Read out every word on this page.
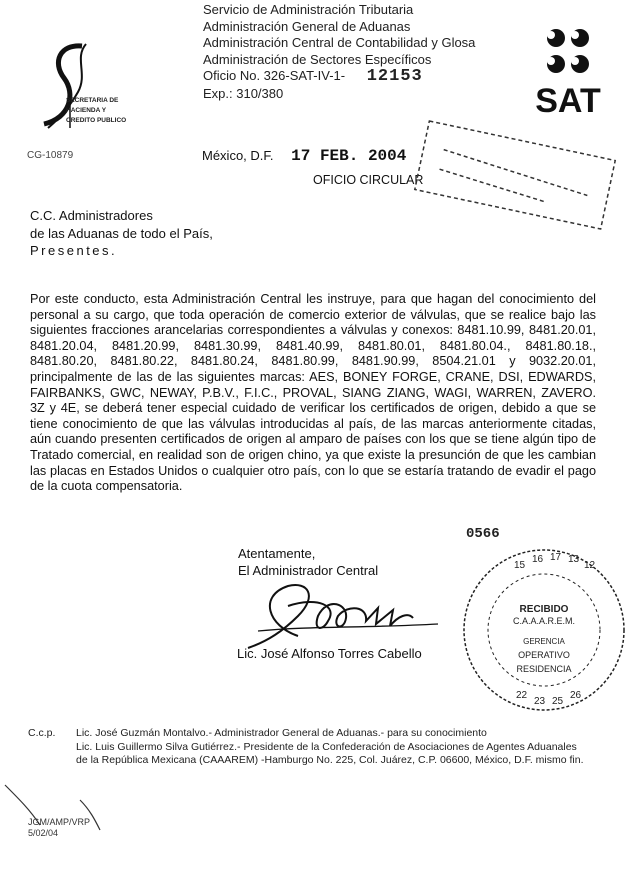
SECRETARIA DE
HACIENDA Y
CREDITO PUBLICO
Servicio de Administración Tributaria
Administración General de Aduanas
Administración Central de Contabilidad y Glosa
Administración de Sectores Específicos
Oficio No. 326-SAT-IV-1- 12153
Exp.: 310/380	SAT
CG-10879	México, D.F. 17 FEB. 2004
OFICIO CIRCULAR
C.C. Administradores
de las Aduanas de todo el País,
Presentes.
Por este conducto, esta Administración Central les instruye, para que hagan del conocimiento del personal a su cargo, que toda operación de comercio exterior de válvulas, que se realice bajo las siguientes fracciones arancelarias correspondientes a válvulas y conexos: 8481.10.99, 8481.20.01, 8481.20.04, 8481.20.99, 8481.30.99, 8481.40.99, 8481.80.01, 8481.80.04., 8481.80.18., 8481.80.20, 8481.80.22, 8481.80.24, 8481.80.99, 8481.90.99, 8504.21.01 y 9032.20.01, principalmente de las de las siguientes marcas: AES, BONEY FORGE, CRANE, DSI, EDWARDS, FAIRBANKS, GWC, NEWAY, P.B.V., F.I.C., PROVAL, SIANG ZIANG, WAGI, WARREN, ZAVERO. 3Z y 4E, se deberá tener especial cuidado de verificar los certificados de origen, debido a que se tiene conocimiento de que las válvulas introducidas al país, de las marcas anteriormente citadas, aún cuando presenten certificados de origen al amparo de países con los que se tiene algún tipo de Tratado comercial, en realidad son de origen chino, ya que existe la presunción de que les cambian las placas en Estados Unidos o cualquier otro país, con lo que se estaría tratando de evadir el pago de la cuota compensatoria.
0566
Atentamente,
El Administrador Central
Lic. José Alfonso Torres Cabello
15
16 17 13
12
RECIBIDO
C.A.A.A.R.E.M.
GERENCIA
OPERATIVO
RESIDENCIA
22
23 25
26
C.c.p. Lic. José Guzmán Montalvo.- Administrador General de Aduanas.- para su conocimiento
Lic. Luis Guillermo Silva Gutiérrez.- Presidente de la Confederación de Asociaciones de Agentes Aduanales
de la República Mexicana (CAAAREM) -Hamburgo No. 225, Col. Juárez, C.P. 06600, México, D.F. mismo fin.
JGM/AMP/VRP
5/02/04
